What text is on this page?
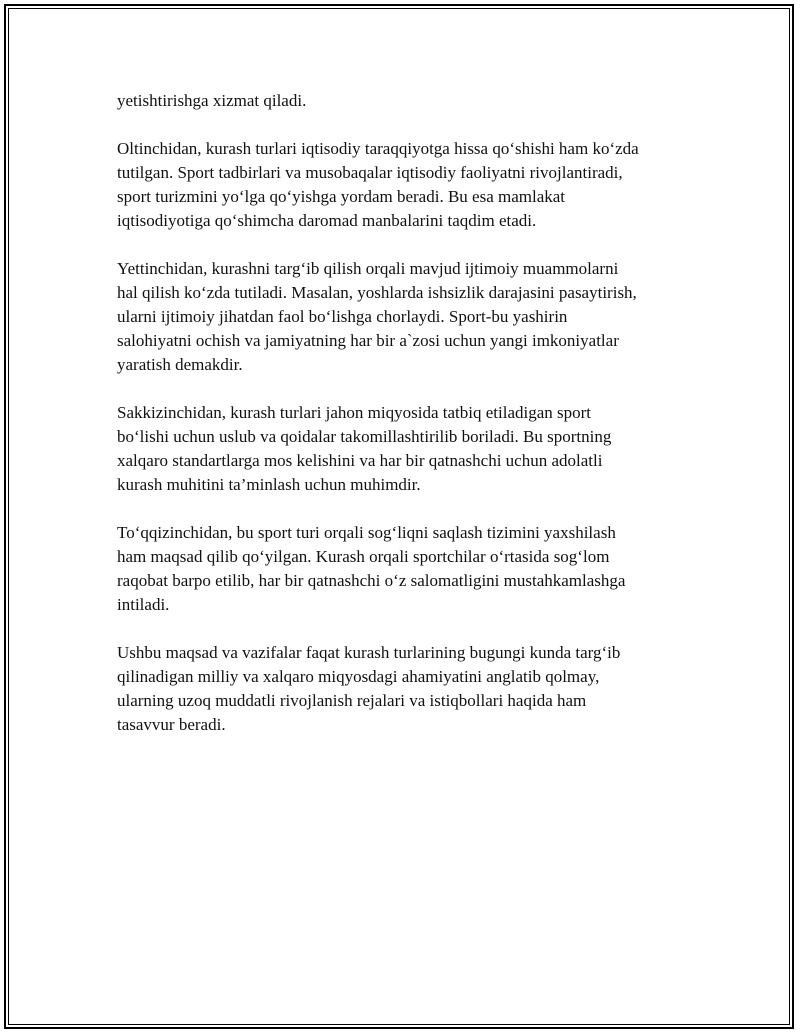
yetishtirishga xizmat qiladi.

Oltinchidan, kurash turlari iqtisodiy taraqqiyotga hissa qo‘shishi ham ko‘zda
tutilgan. Sport tadbirlari va musobaqalar iqtisodiy faoliyatni rivojlantiradi,
sport turizmini yo‘lga qo‘yishga yordam beradi. Bu esa mamlakat
iqtisodiyotiga qo‘shimcha daromad manbalarini taqdim etadi.

Yettinchidan, kurashni targ‘ib qilish orqali mavjud ijtimoiy muammolarni
hal qilish ko‘zda tutiladi. Masalan, yoshlarda ishsizlik darajasini pasaytirish,
ularni ijtimoiy jihatdan faol bo‘lishga chorlaydi. Sport-bu yashirin
salohiyatni ochish va jamiyatning har bir a`zosi uchun yangi imkoniyatlar
yaratish demakdir.

Sakkizinchidan, kurash turlari jahon miqyosida tatbiq etiladigan sport
bo‘lishi uchun uslub va qoidalar takomillashtirilib boriladi. Bu sportning
xalqaro standartlarga mos kelishini va har bir qatnashchi uchun adolatli
kurash muhitini ta’minlash uchun muhimdir.

To‘qqizinchidan, bu sport turi orqali sog‘liqni saqlash tizimini yaxshilash
ham maqsad qilib qo‘yilgan. Kurash orqali sportchilar o‘rtasida sog‘lom
raqobat barpo etilib, har bir qatnashchi o‘z salomatligini mustahkamlashga
intiladi.

Ushbu maqsad va vazifalar faqat kurash turlarining bugungi kunda targ‘ib
qilinadigan milliy va xalqaro miqyosdagi ahamiyatini anglatib qolmay,
ularning uzoq muddatli rivojlanish rejalari va istiqbollari haqida ham
tasavvur beradi.
